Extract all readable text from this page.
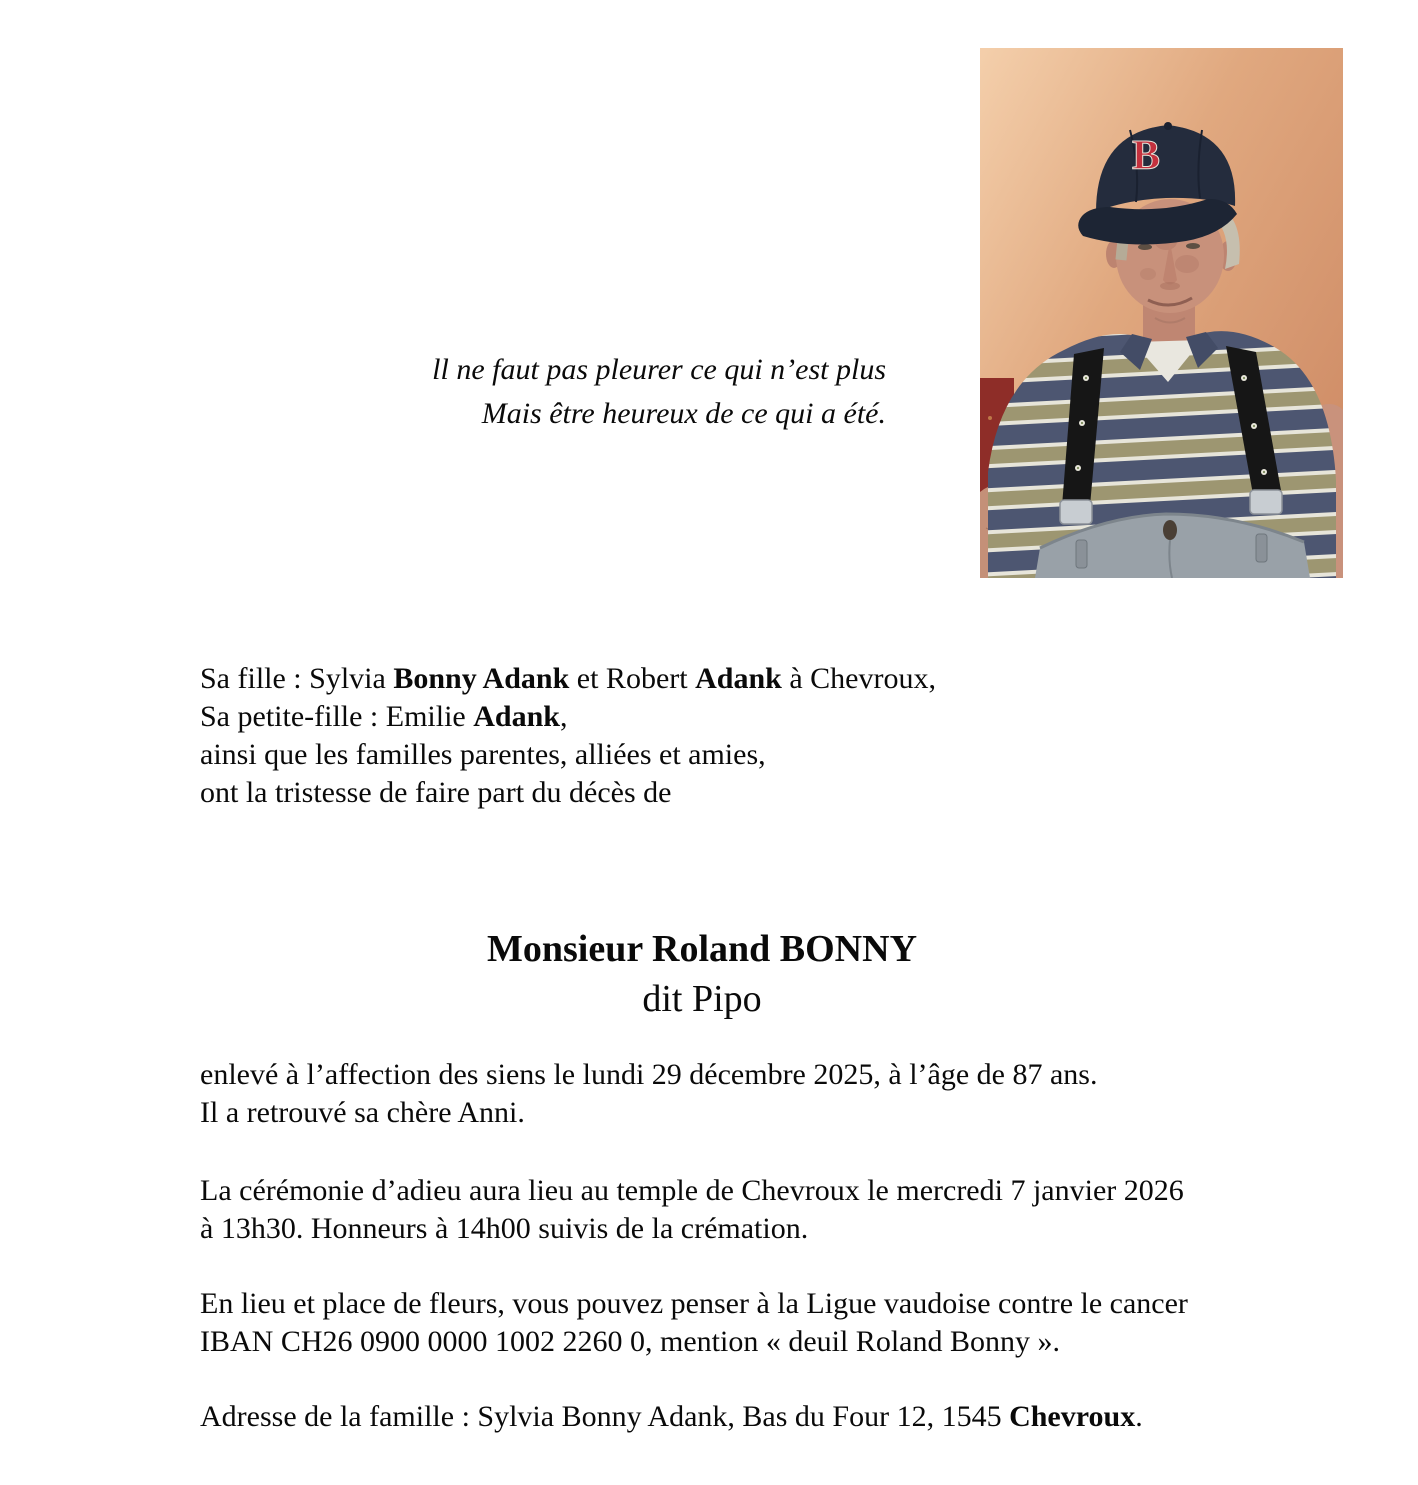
B
ll ne faut pas pleurer ce qui n’est plus
Mais être heureux de ce qui a été.
Sa fille : Sylvia Bonny Adank et Robert Adank à Chevroux,
Sa petite-fille : Emilie Adank,
ainsi que les familles parentes, alliées et amies,
ont la tristesse de faire part du décès de
Monsieur Roland BONNY
dit Pipo
enlevé à l’affection des siens le lundi 29 décembre 2025, à l’âge de 87 ans.
Il a retrouvé sa chère Anni.
La cérémonie d’adieu aura lieu au temple de Chevroux le mercredi 7 janvier 2026
à 13h30. Honneurs à 14h00 suivis de la crémation.
En lieu et place de fleurs, vous pouvez penser à la Ligue vaudoise contre le cancer
IBAN CH26 0900 0000 1002 2260 0, mention « deuil Roland Bonny ».
Adresse de la famille : Sylvia Bonny Adank, Bas du Four 12, 1545 Chevroux.
